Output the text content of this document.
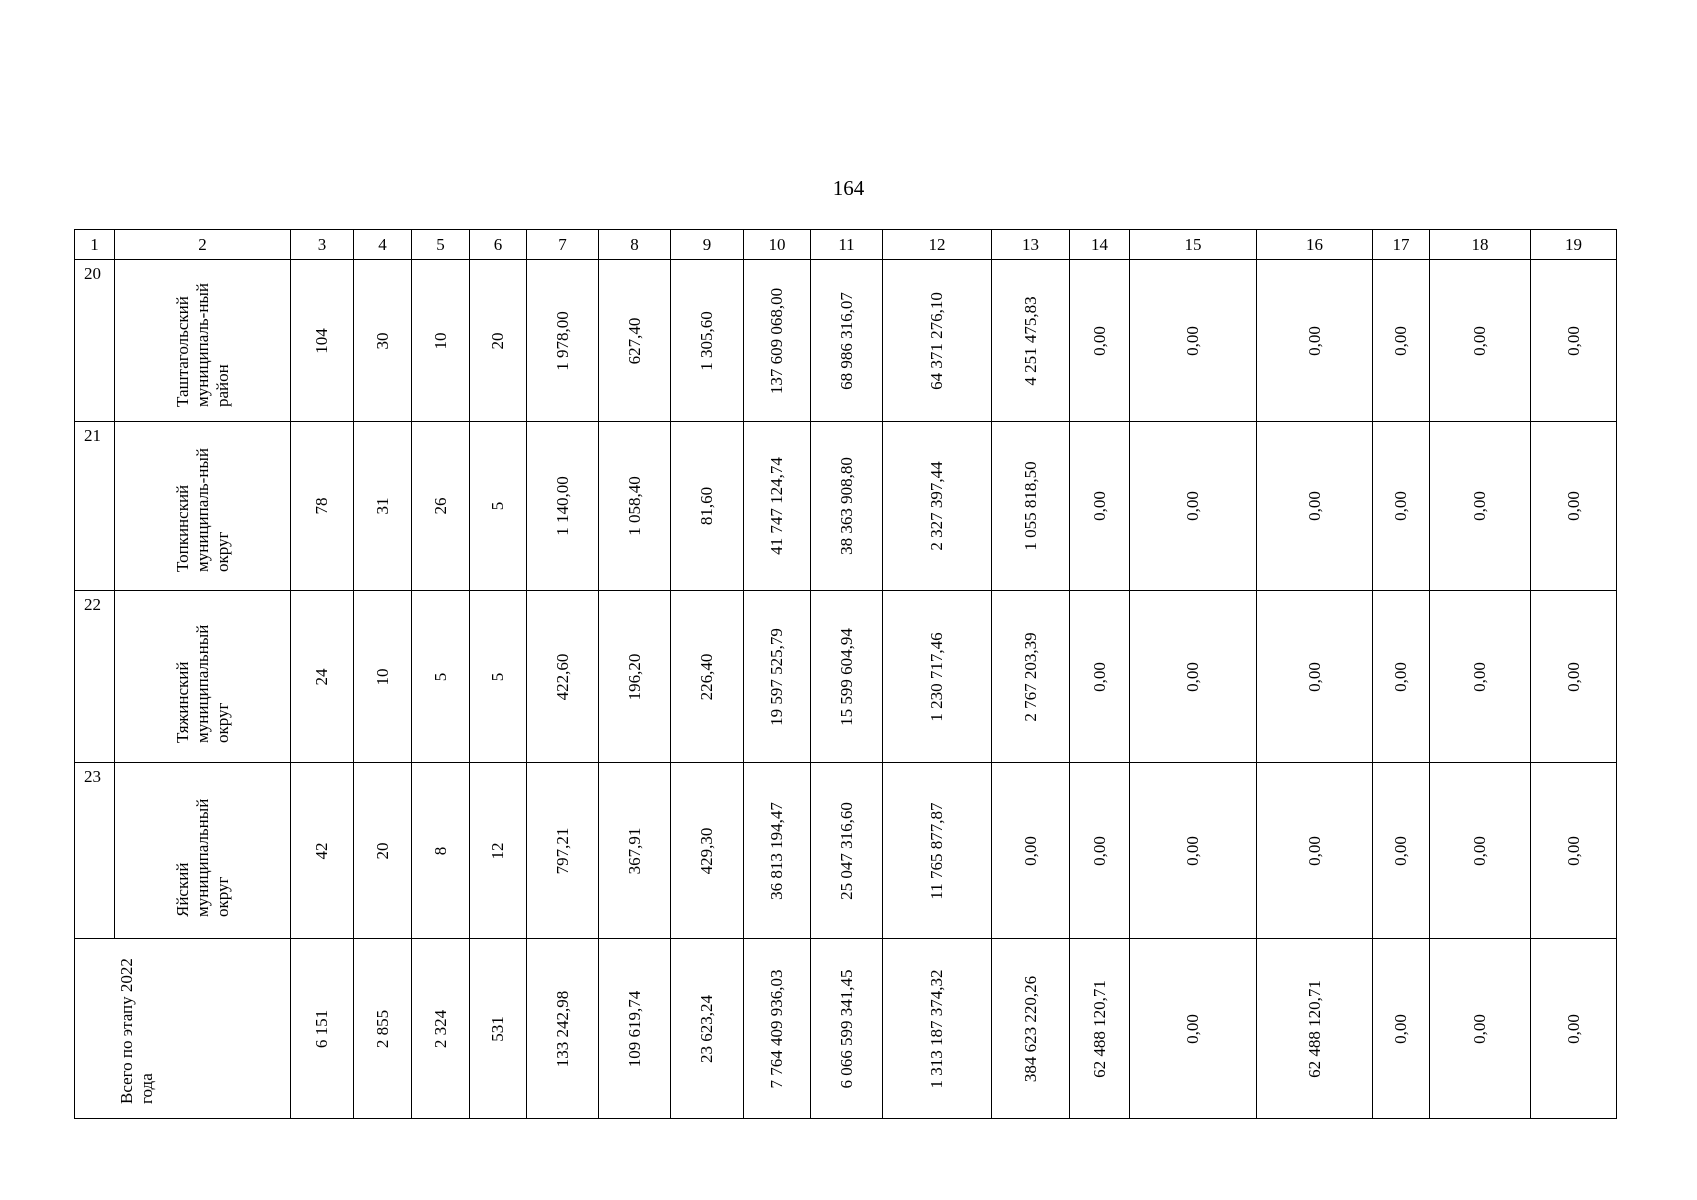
164
1	2	3	4	5	6	7	8	9	10	11	12	13	14	15	16	17	18	19

20	Таштагольский муниципаль-ный район	104	30	10	20	1 978,00	627,40	1 305,60	137 609 068,00	68 986 316,07	64 371 276,10	4 251 475,83	0,00	0,00	0,00	0,00	0,00	0,00

21	Топкинский муниципаль-ный округ	78	31	26	5	1 140,00	1 058,40	81,60	41 747 124,74	38 363 908,80	2 327 397,44	1 055 818,50	0,00	0,00	0,00	0,00	0,00	0,00

22	Тяжинский муниципальный округ	24	10	5	5	422,60	196,20	226,40	19 597 525,79	15 599 604,94	1 230 717,46	2 767 203,39	0,00	0,00	0,00	0,00	0,00	0,00

23	Яйский муниципальный округ	42	20	8	12	797,21	367,91	429,30	36 813 194,47	25 047 316,60	11 765 877,87	0,00	0,00	0,00	0,00	0,00	0,00	0,00

Всего по этапу 2022 года		6 151	2 855	2 324	531	133 242,98	109 619,74	23 623,24	7 764 409 936,03	6 066 599 341,45	1 313 187 374,32	384 623 220,26	62 488 120,71	0,00	62 488 120,71	0,00	0,00	0,00
